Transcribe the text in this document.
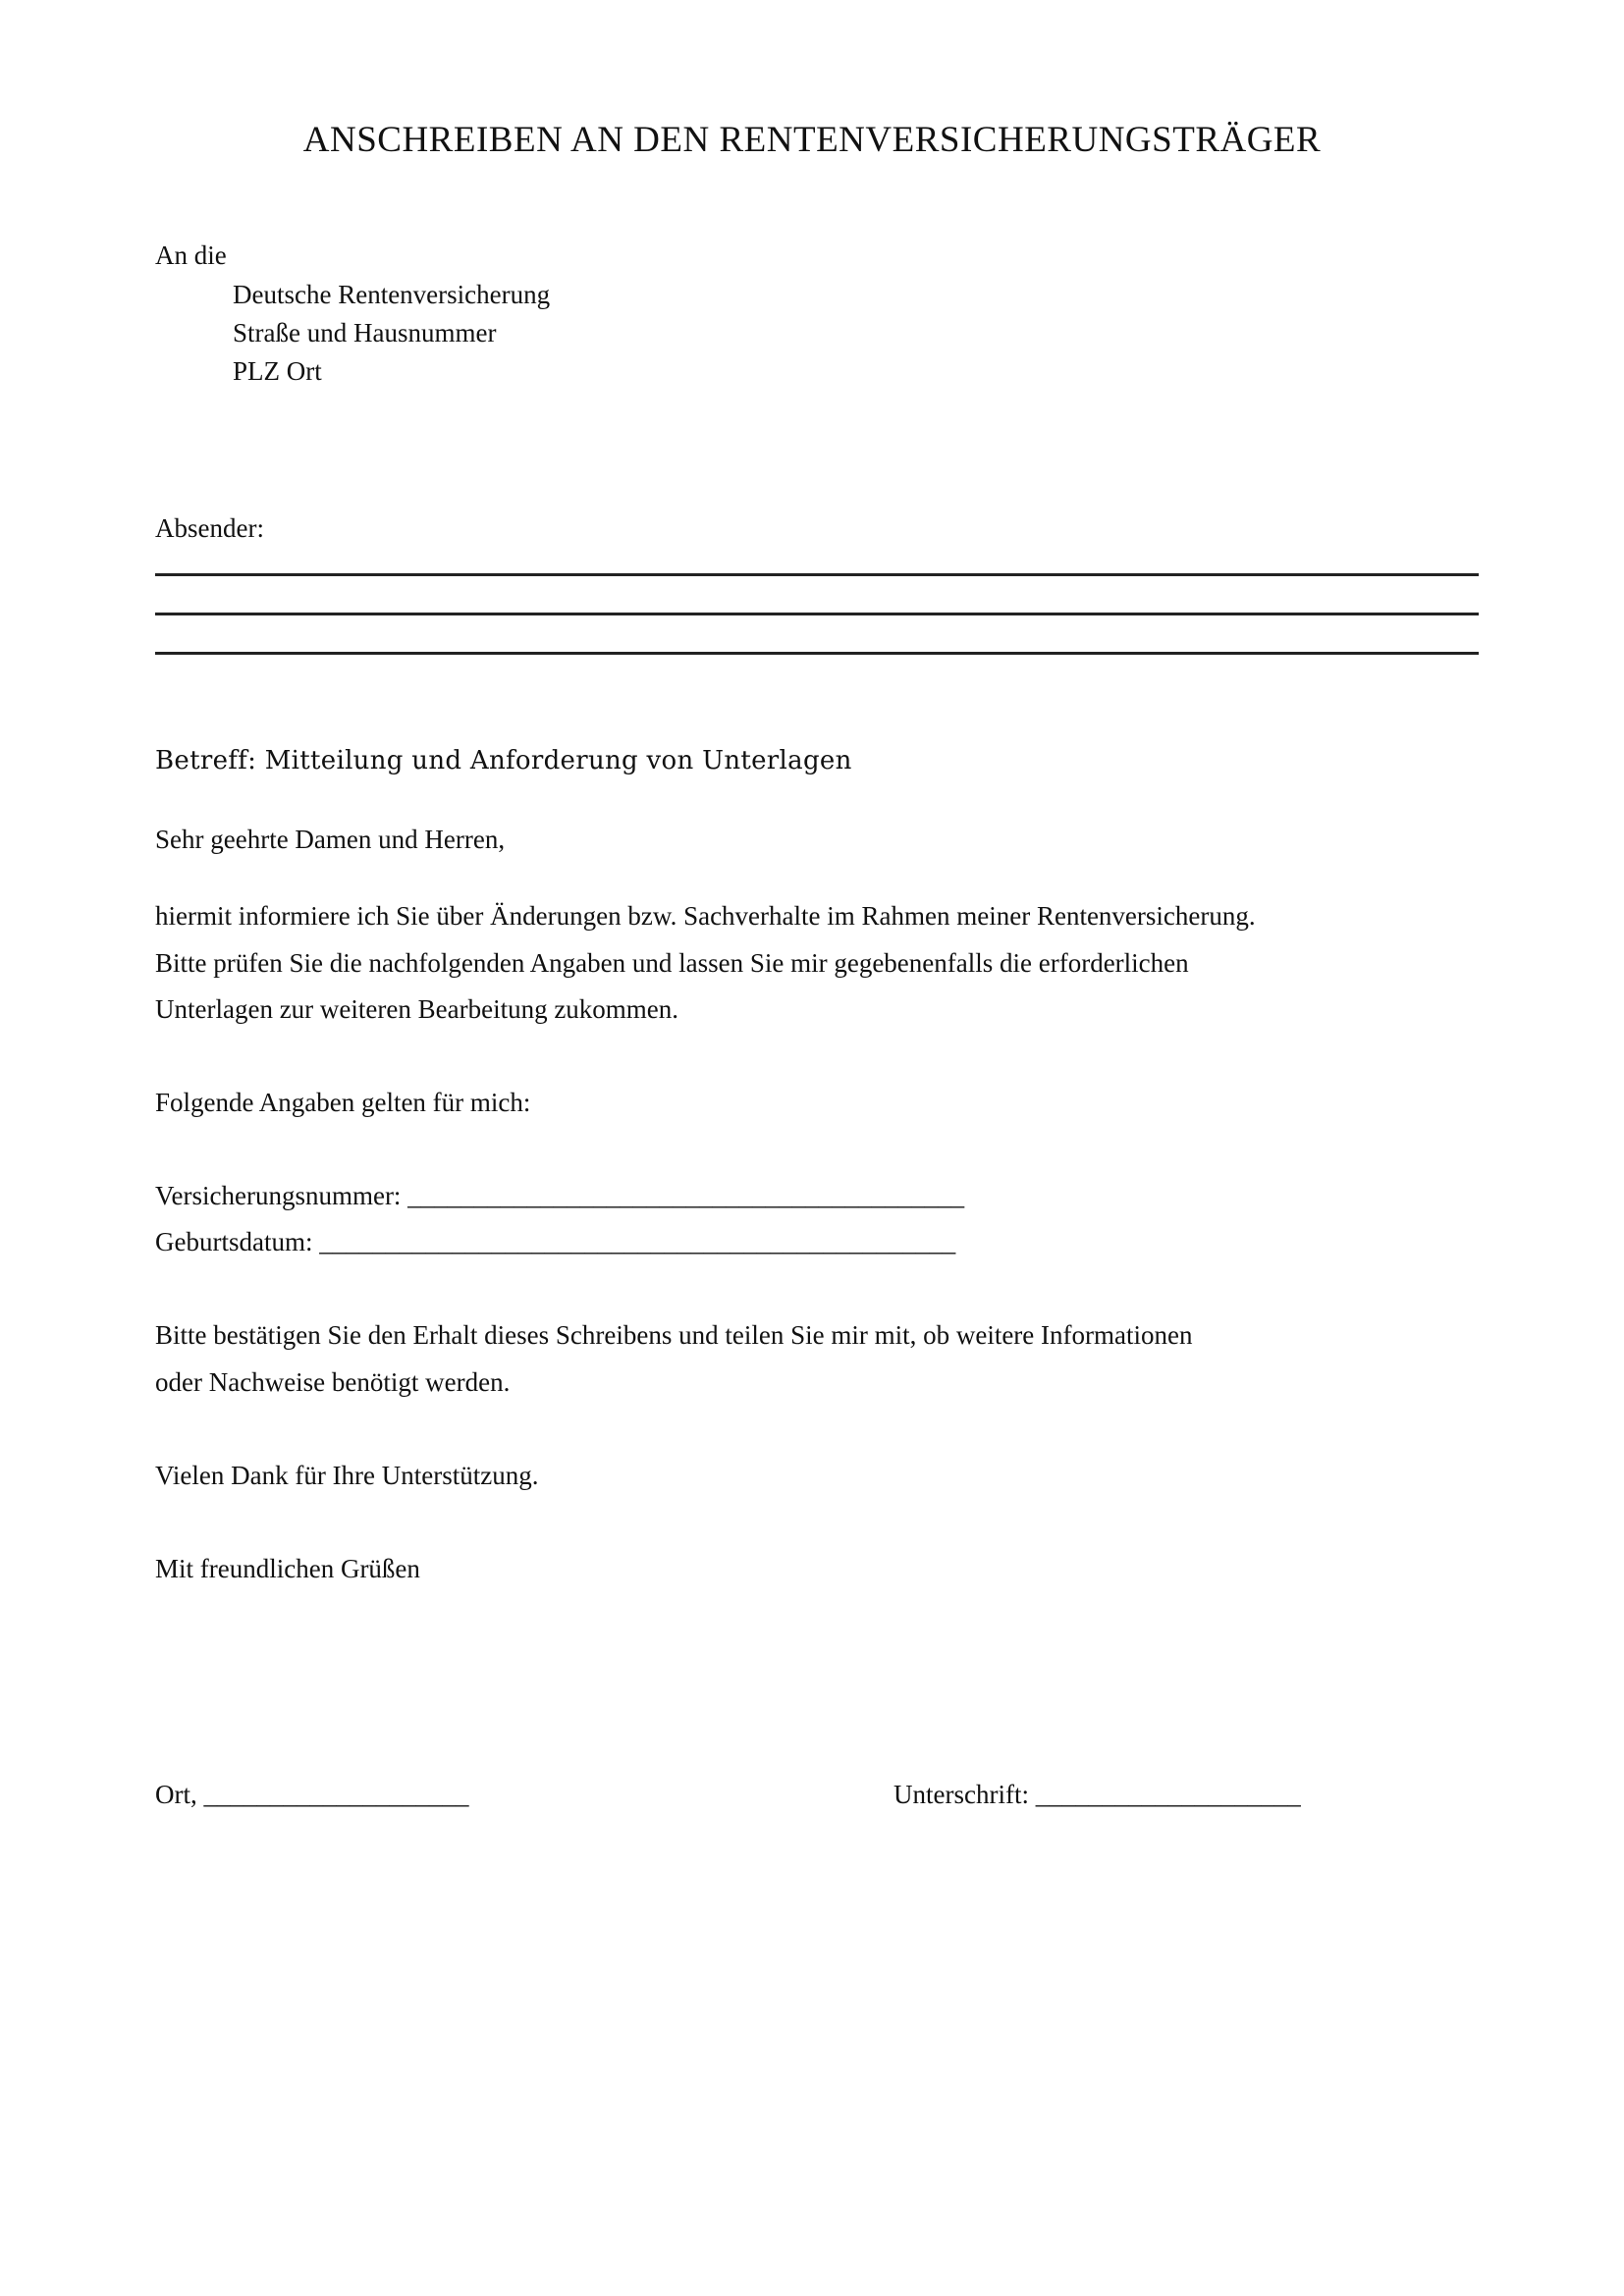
ANSCHREIBEN AN DEN RENTENVERSICHERUNGSTRÄGER
An die
Deutsche Rentenversicherung
Straße und Hausnummer
PLZ Ort
Absender:
Betreff: Mitteilung und Anforderung von Unterlagen
Sehr geehrte Damen und Herren,
hiermit informiere ich Sie über Änderungen bzw. Sachverhalte im Rahmen meiner Rentenversicherung.
Bitte prüfen Sie die nachfolgenden Angaben und lassen Sie mir gegebenenfalls die erforderlichen
Unterlagen zur weiteren Bearbeitung zukommen.
Folgende Angaben gelten für mich:
Versicherungsnummer: __________________________________________
Geburtsdatum: ________________________________________________
Bitte bestätigen Sie den Erhalt dieses Schreibens und teilen Sie mir mit, ob weitere Informationen
oder Nachweise benötigt werden.
Vielen Dank für Ihre Unterstützung.
Mit freundlichen Grüßen
Ort, ____________________	Unterschrift: ____________________
